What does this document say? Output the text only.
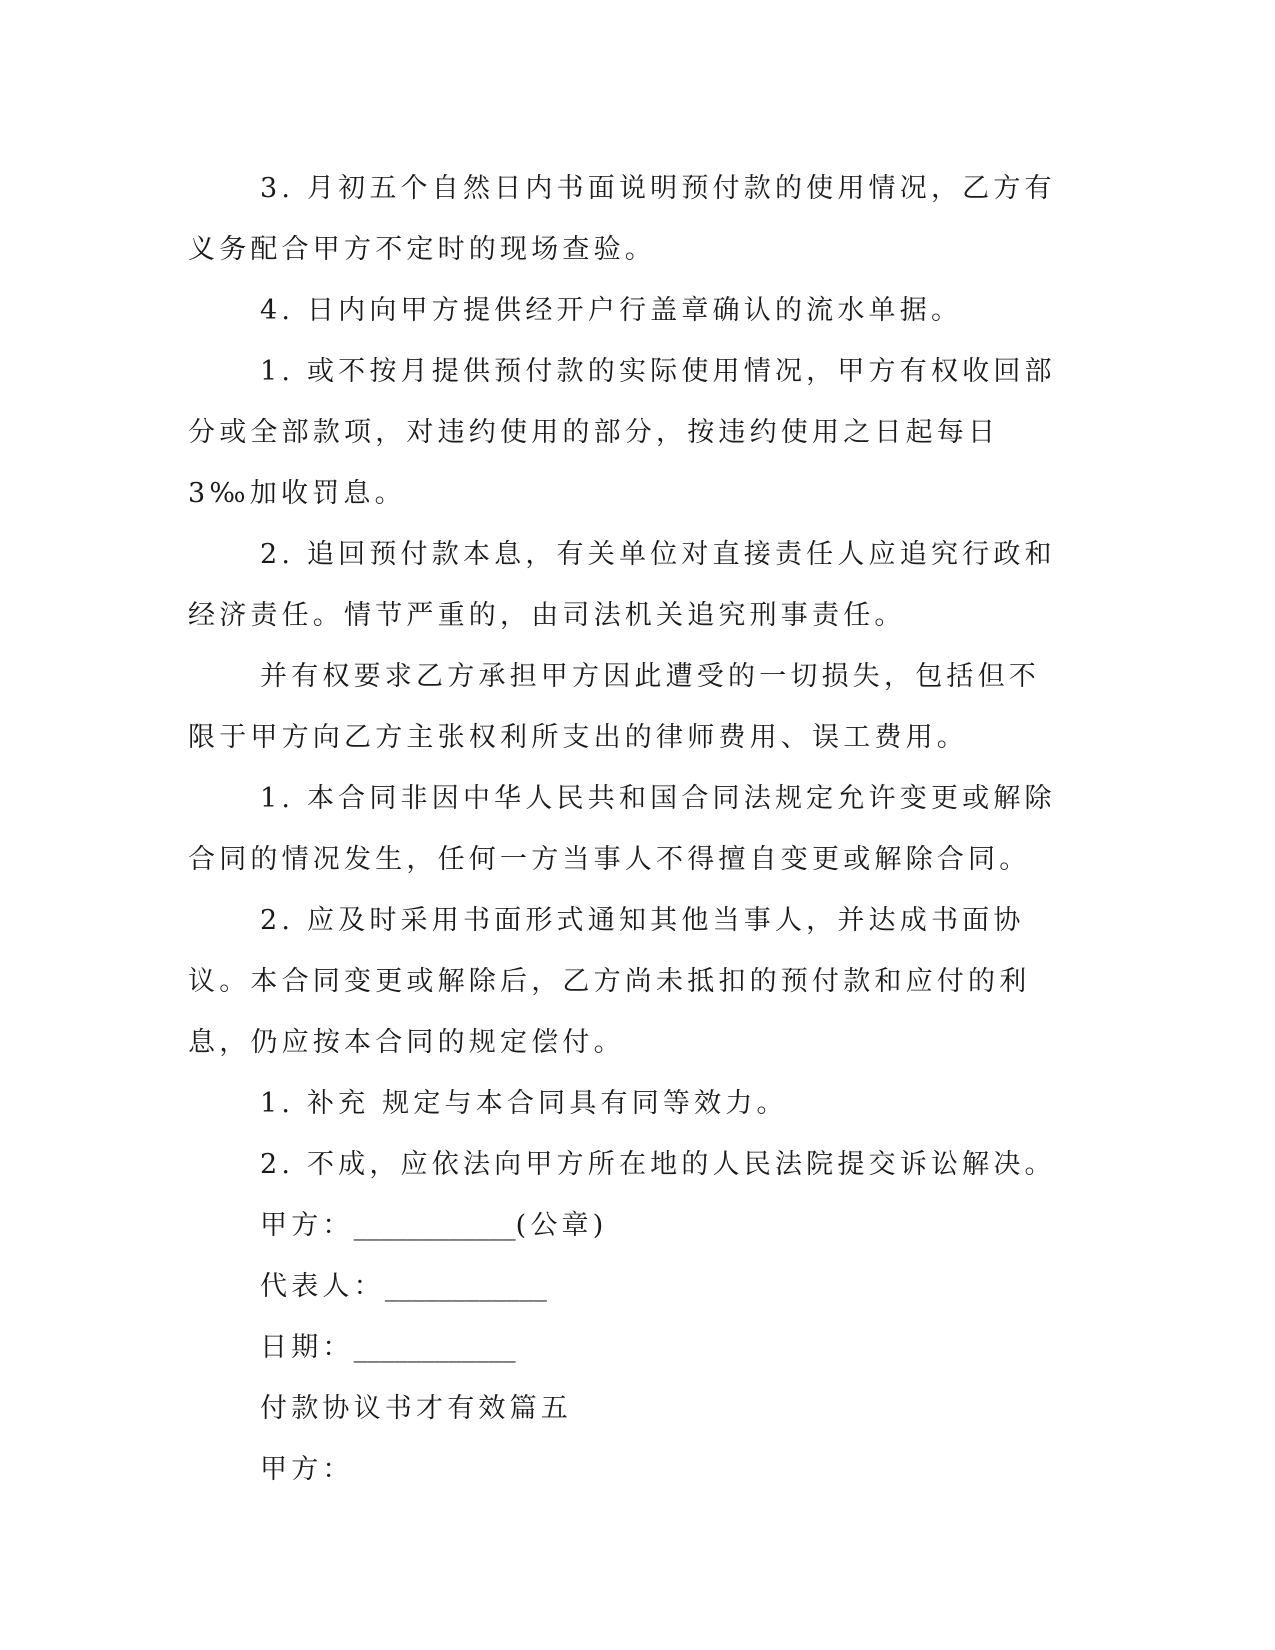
3. 月初五个自然日内书面说明预付款的使用情况，乙方有义务配合甲方不定时的现场查验。

4. 日内向甲方提供经开户行盖章确认的流水单据。

1. 或不按月提供预付款的实际使用情况，甲方有权收回部分或全部款项，对违约使用的部分，按违约使用之日起每日 3‰加收罚息。

2. 追回预付款本息，有关单位对直接责任人应追究行政和经济责任。情节严重的，由司法机关追究刑事责任。

并有权要求乙方承担甲方因此遭受的一切损失，包括但不限于甲方向乙方主张权利所支出的律师费用、误工费用。

1. 本合同非因中华人民共和国合同法规定允许变更或解除合同的情况发生，任何一方当事人不得擅自变更或解除合同。

2. 应及时采用书面形式通知其他当事人，并达成书面协议。本合同变更或解除后，乙方尚未抵扣的预付款和应付的利息，仍应按本合同的规定偿付。

1. 补充 规定与本合同具有同等效力。

2. 不成，应依法向甲方所在地的人民法院提交诉讼解决。

甲方：____________(公章)

代表人：____________

日期：____________

付款协议书才有效篇五

甲方：
